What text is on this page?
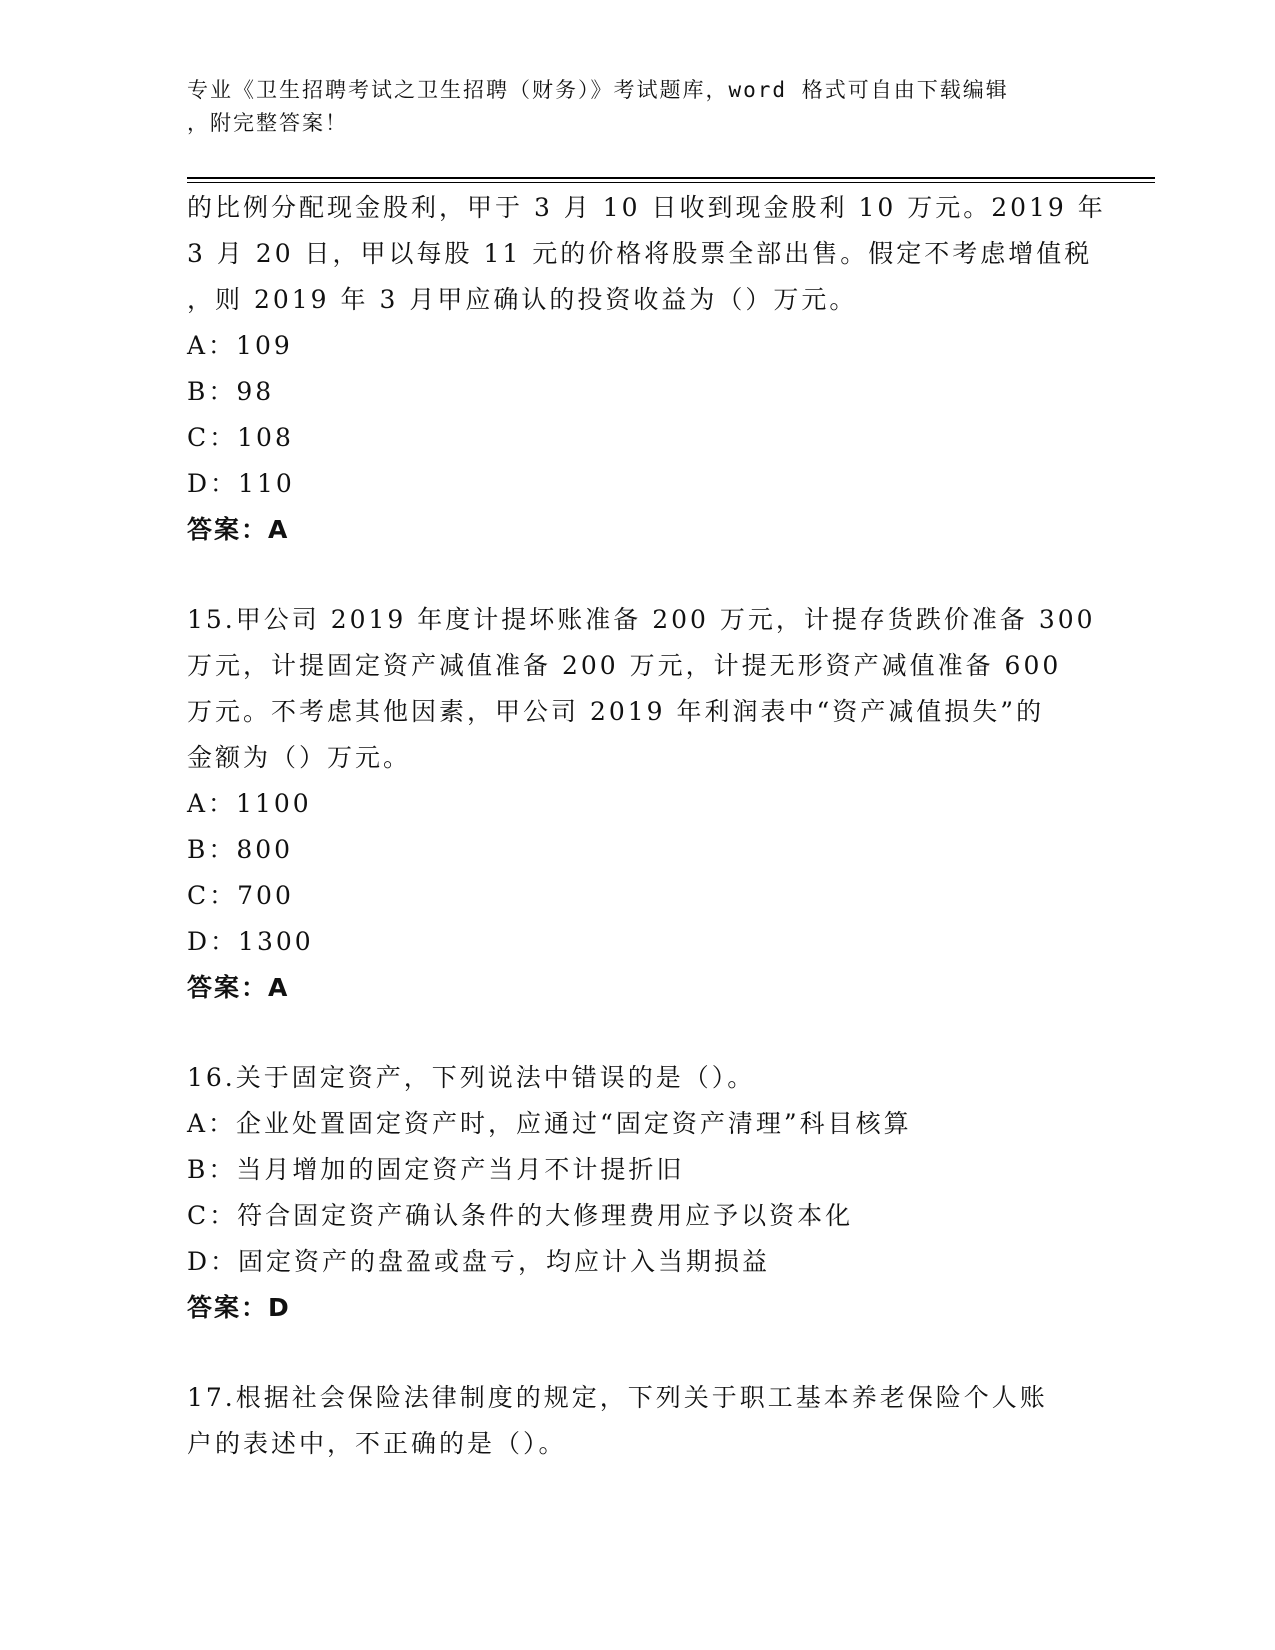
专业《卫生招聘考试之卫生招聘（财务）》考试题库，word 格式可自由下载编辑
，附完整答案！
的比例分配现金股利，甲于 3 月 10 日收到现金股利 10 万元。2019 年
3 月 20 日，甲以每股 11 元的价格将股票全部出售。假定不考虑增值税
，则 2019 年 3 月甲应确认的投资收益为（）万元。
A：109
B：98
C：108
D：110
答案：A
15.甲公司 2019 年度计提坏账准备 200 万元，计提存货跌价准备 300
万元，计提固定资产减值准备 200 万元，计提无形资产减值准备 600
万元。不考虑其他因素，甲公司 2019 年利润表中“资产减值损失”的
金额为（）万元。
A：1100
B：800
C：700
D：1300
答案：A
16.关于固定资产，下列说法中错误的是（）。
A：企业处置固定资产时，应通过“固定资产清理”科目核算
B：当月增加的固定资产当月不计提折旧
C：符合固定资产确认条件的大修理费用应予以资本化
D：固定资产的盘盈或盘亏，均应计入当期损益
答案：D
17.根据社会保险法律制度的规定，下列关于职工基本养老保险个人账
户的表述中，不正确的是（）。
